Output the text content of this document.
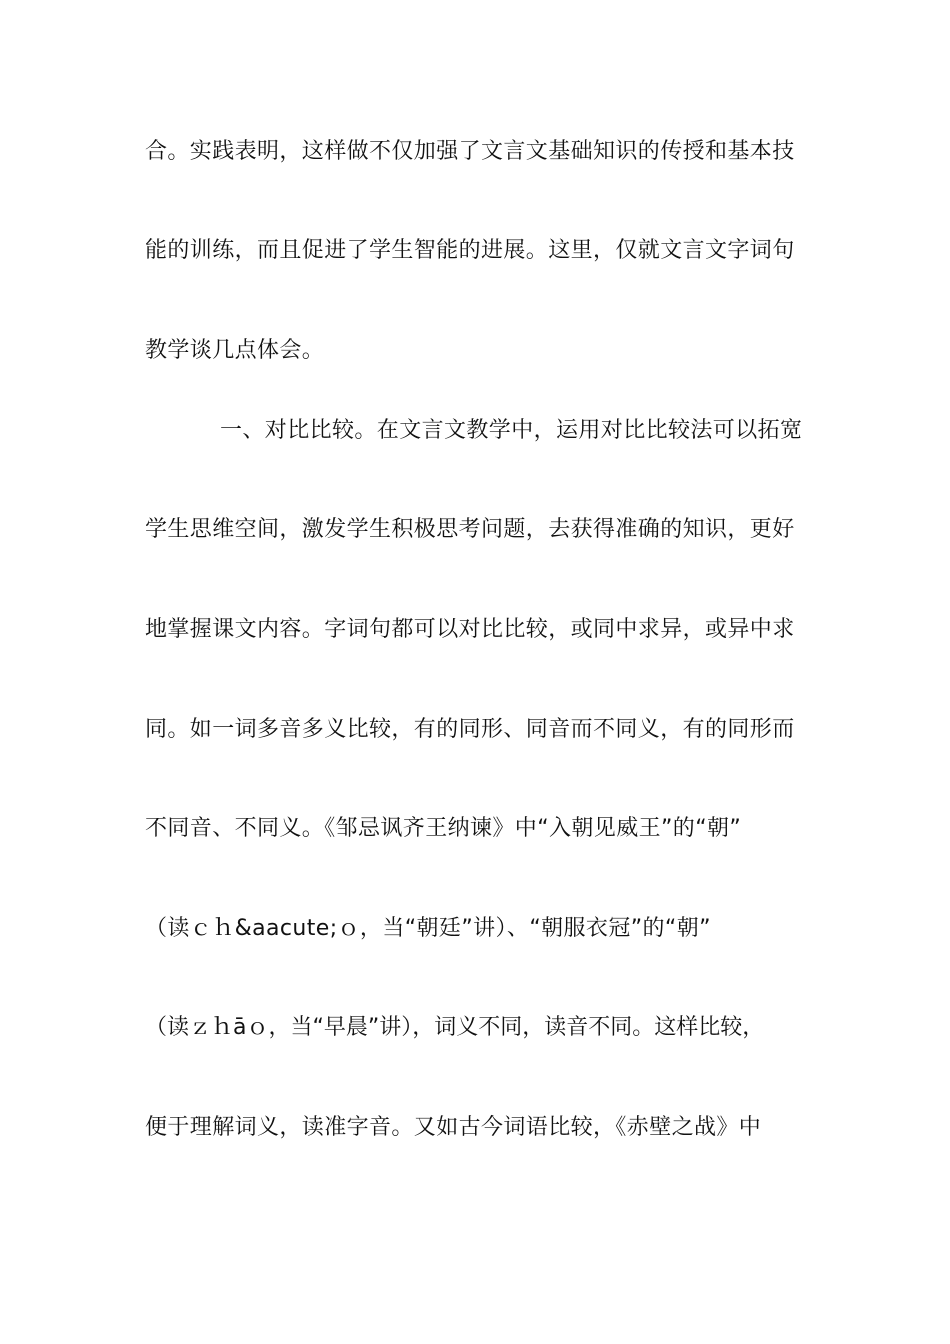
合。实践表明，这样做不仅加强了文言文基础知识的传授和基本技
能的训练，而且促进了学生智能的进展。这里，仅就文言文字词句
教学谈几点体会。
一、对比比较。在文言文教学中，运用对比比较法可以拓宽
学生思维空间，激发学生积极思考问题，去获得准确的知识，更好
地掌握课文内容。字词句都可以对比比较，或同中求异，或异中求
同。如一词多音多义比较，有的同形、同音而不同义，有的同形而
不同音、不同义。《邹忌讽齐王纳谏》中“入朝见威王”的“朝”
（读ｃｈ&aacute;ｏ，当“朝廷”讲）、“朝服衣冠”的“朝”
（读ｚｈāｏ，当“早晨”讲），词义不同，读音不同。这样比较，
便于理解词义，读准字音。又如古今词语比较，《赤壁之战》中
